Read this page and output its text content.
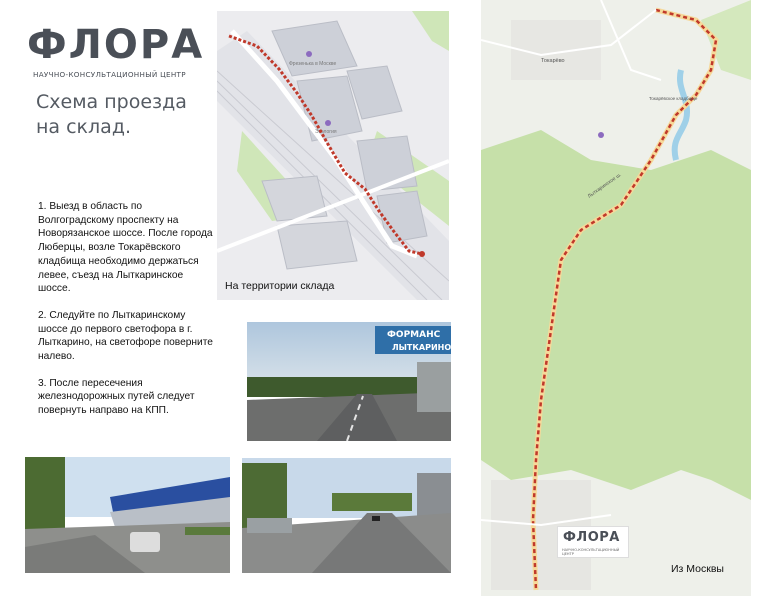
ФЛОРА
НАУЧНО-КОНСУЛЬТАЦИОННЫЙ ЦЕНТР
Схема проезда
на склад.

1. Выезд в область по Волгоградскому проспекту на Новорязанское шоссе. После города Люберцы, возле Токарёвского кладбища необходимо держаться левее, съезд на Лыткаринское шоссе.

2. Следуйте по Лыткаринскому шоссе до первого светофора в г. Лыткарино, на светофоре поверните налево.

3. После пересечения железнодорожных путей следует повернуть направо на КПП.

Фрезенька в Москве
Экология
На территории склада
ФОРМАНС
ЛЫТКАРИНО
Токарёво
Токарёвское кладбище
Лыткаринское ш.
ФЛОРА
НАУЧНО-КОНСУЛЬТАЦИОННЫЙ ЦЕНТР
Из Москвы
